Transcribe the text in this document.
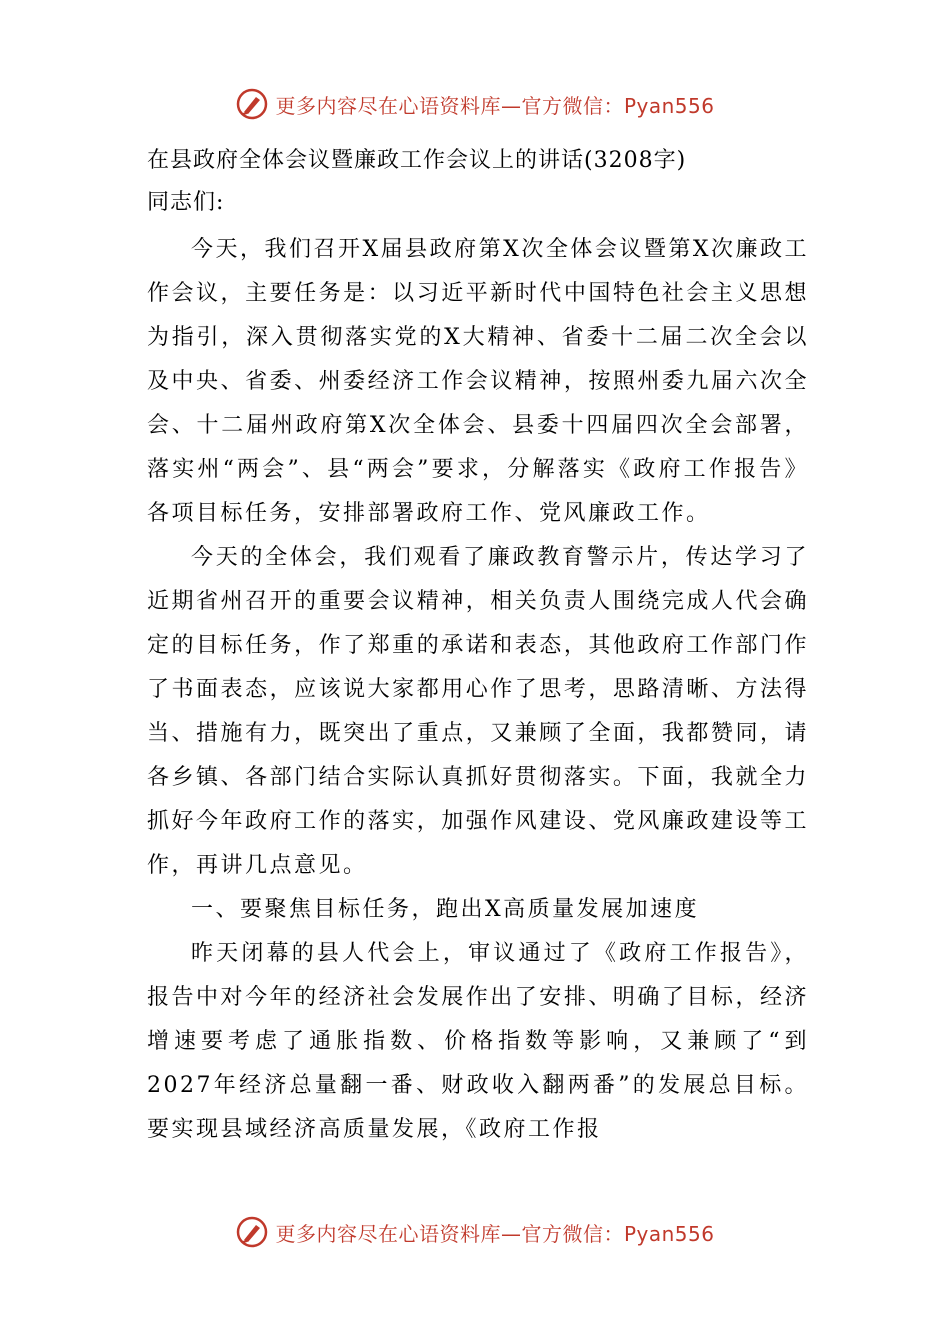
更多内容尽在心语资料库—官方微信：Pyan556

在县政府全体会议暨廉政工作会议上的讲话(3208字)

同志们:

今天，我们召开X届县政府第X次全体会议暨第X次廉政工作会议，主要任务是：以习近平新时代中国特色社会主义思想为指引，深入贯彻落实党的X大精神、省委十二届二次全会以及中央、省委、州委经济工作会议精神，按照州委九届六次全会、十二届州政府第X次全体会、县委十四届四次全会部署，落实州“两会”、县“两会”要求，分解落实《政府工作报告》各项目标任务，安排部署政府工作、党风廉政工作。

今天的全体会，我们观看了廉政教育警示片，传达学习了近期省州召开的重要会议精神，相关负责人围绕完成人代会确定的目标任务，作了郑重的承诺和表态，其他政府工作部门作了书面表态，应该说大家都用心作了思考，思路清晰、方法得当、措施有力，既突出了重点，又兼顾了全面，我都赞同，请各乡镇、各部门结合实际认真抓好贯彻落实。下面，我就全力抓好今年政府工作的落实，加强作风建设、党风廉政建设等工作，再讲几点意见。

一、要聚焦目标任务，跑出X高质量发展加速度

昨天闭幕的县人代会上，审议通过了《政府工作报告》，报告中对今年的经济社会发展作出了安排、明确了目标，经济增速要考虑了通胀指数、价格指数等影响，又兼顾了“到2027年经济总量翻一番、财政收入翻两番”的发展总目标。要实现县域经济高质量发展，《政府工作报

更多内容尽在心语资料库—官方微信：Pyan556
